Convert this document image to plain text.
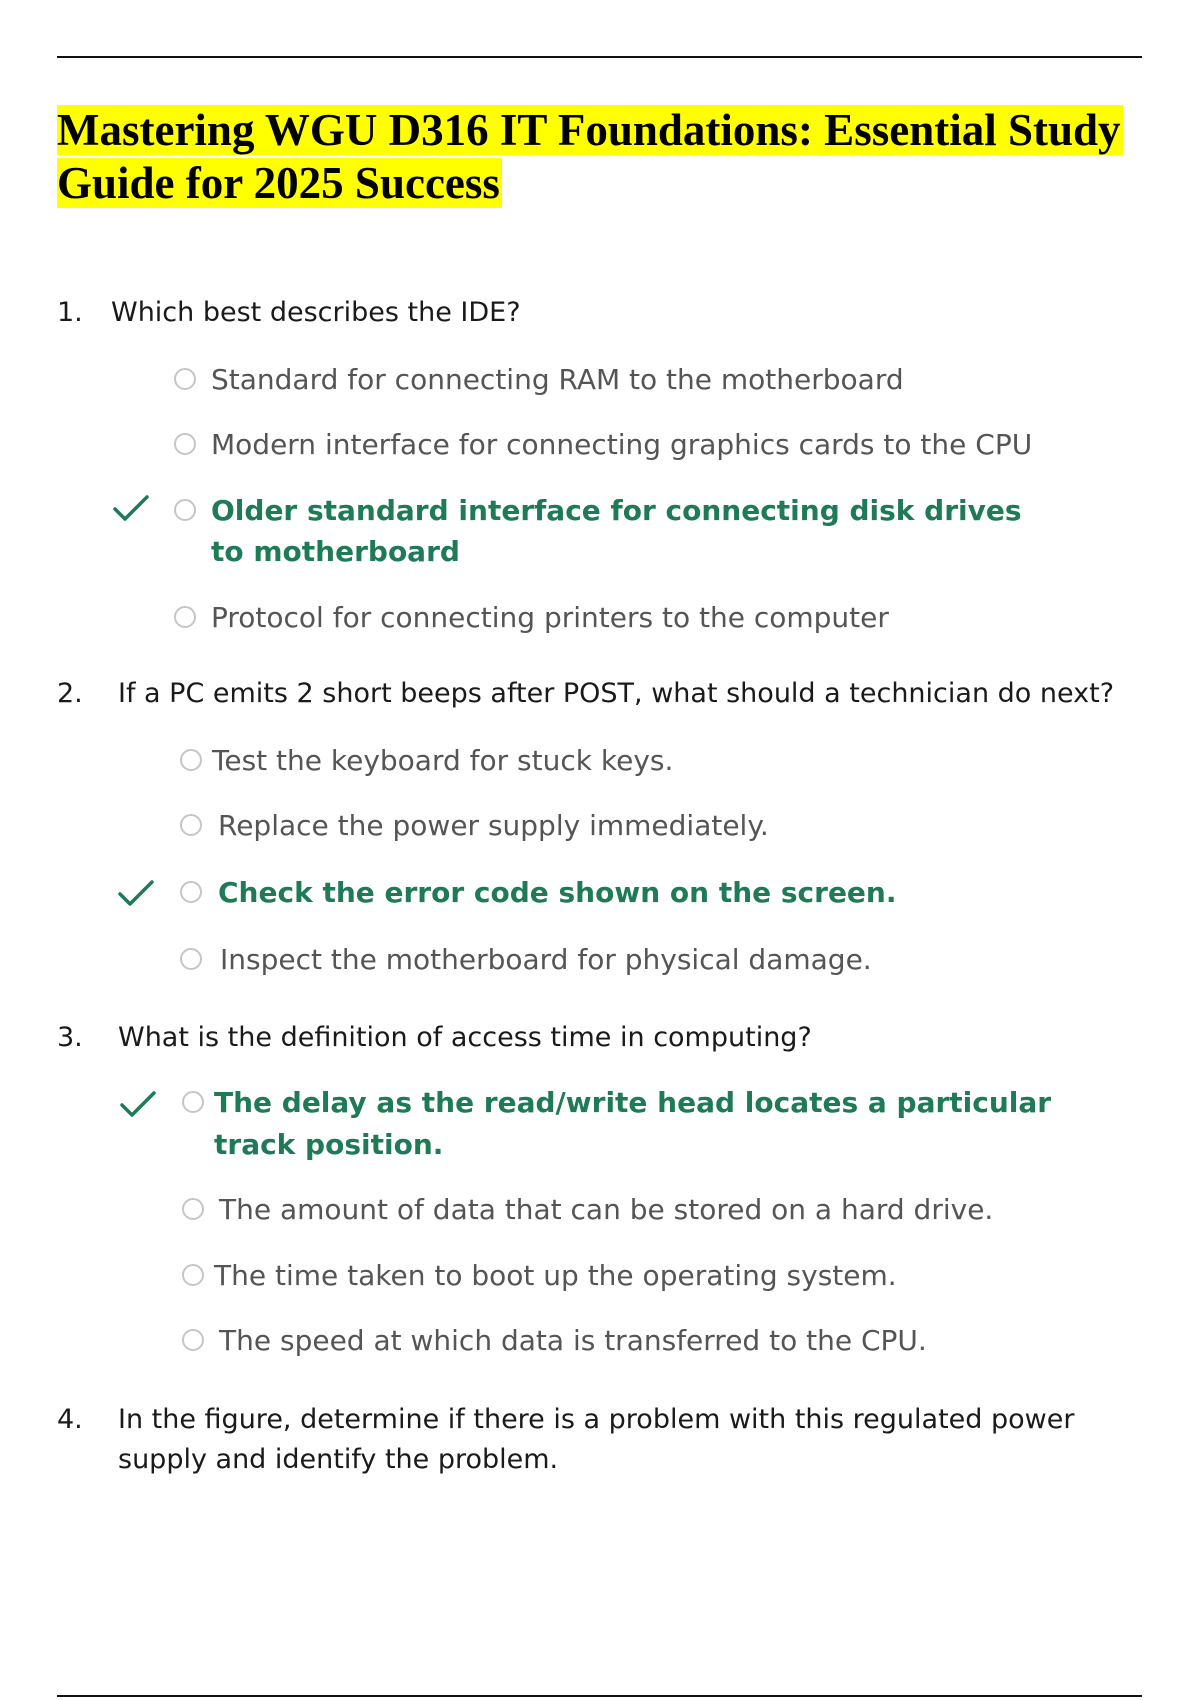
Mastering WGU D316 IT Foundations: Essential Study Guide for 2025 Success
1. Which best describes the IDE?
Standard for connecting RAM to the motherboard
Modern interface for connecting graphics cards to the CPU
Older standard interface for connecting disk drives to motherboard
Protocol for connecting printers to the computer
2. If a PC emits 2 short beeps after POST, what should a technician do next?
Test the keyboard for stuck keys.
Replace the power supply immediately.
Check the error code shown on the screen.
Inspect the motherboard for physical damage.
3. What is the definition of access time in computing?
The delay as the read/write head locates a particular track position.
The amount of data that can be stored on a hard drive.
The time taken to boot up the operating system.
The speed at which data is transferred to the CPU.
4. In the figure, determine if there is a problem with this regulated power supply and identify the problem.
